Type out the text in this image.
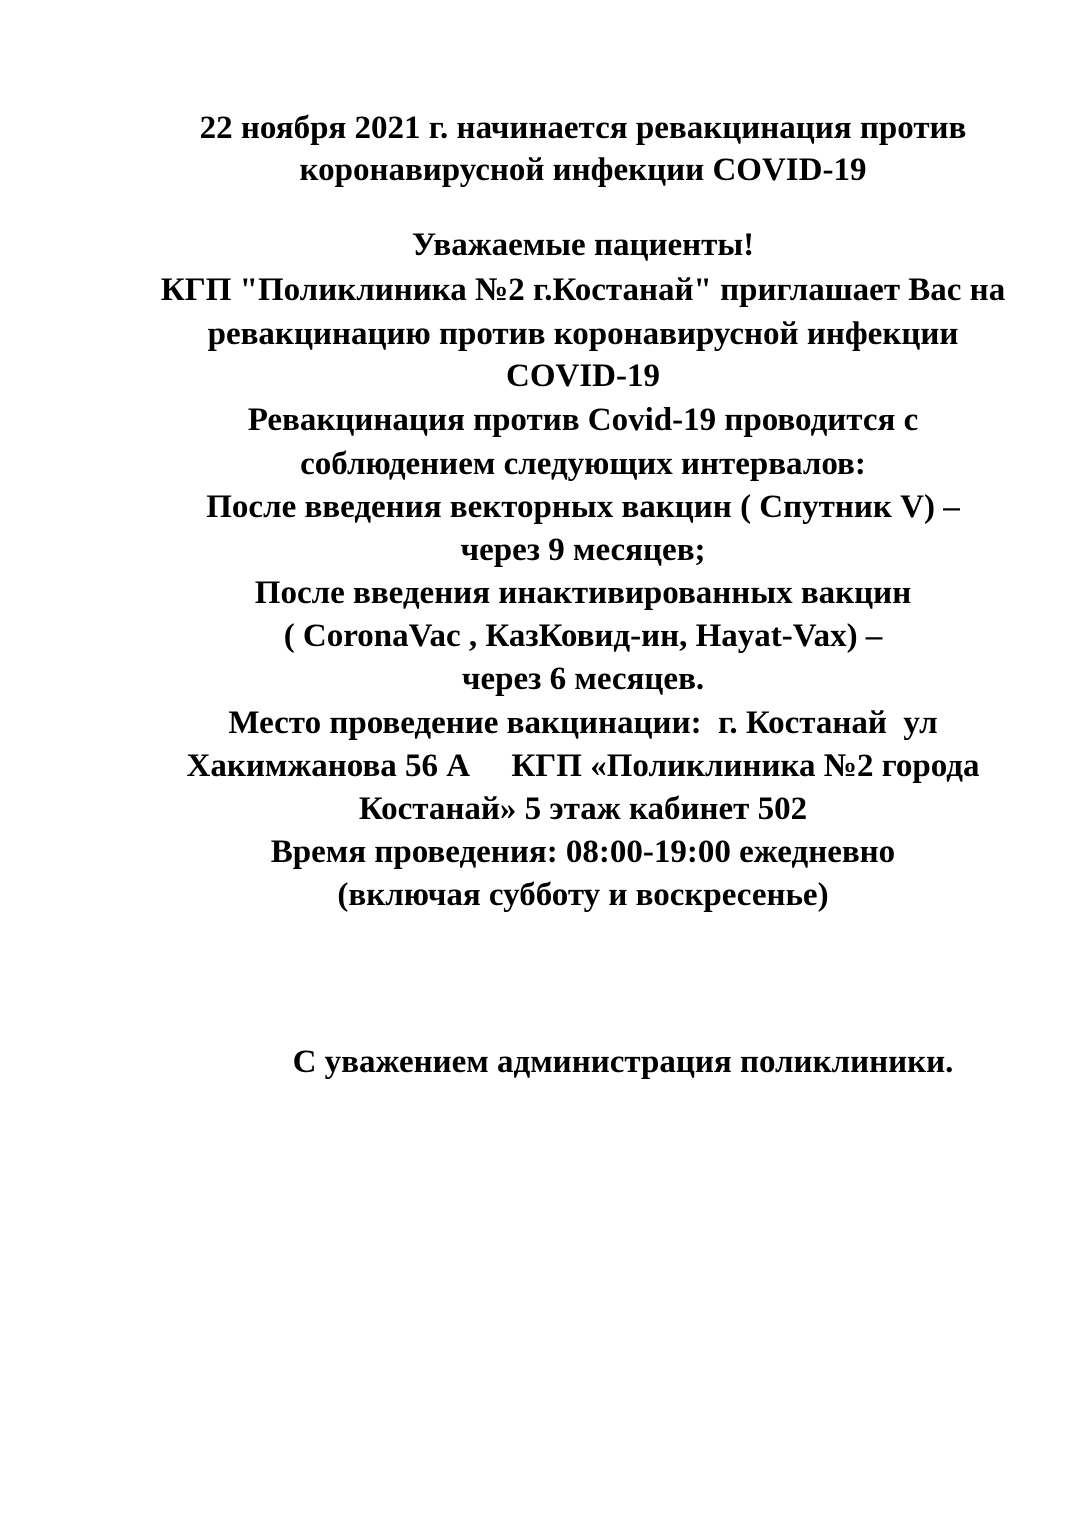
22 ноября 2021 г. начинается ревакцинация против
коронавирусной инфекции COVID-19
Уважаемые пациенты!
КГП "Поликлиника №2 г.Костанай" приглашает Вас на
ревакцинацию против коронавирусной инфекции
COVID-19
Ревакцинация против Covid-19 проводится с
соблюдением следующих интервалов:
После введения векторных вакцин ( Спутник V) –
через 9 месяцев;
После введения инактивированных вакцин
( CoronaVac , КазКовид-ин, Hayat-Vax) –
через 6 месяцев.
Место проведение вакцинации:  г. Костанай  ул
Хакимжанова 56 А     КГП «Поликлиника №2 города
Костанай» 5 этаж кабинет 502
Время проведения: 08:00-19:00 ежедневно
(включая субботу и воскресенье)
С уважением администрация поликлиники.
